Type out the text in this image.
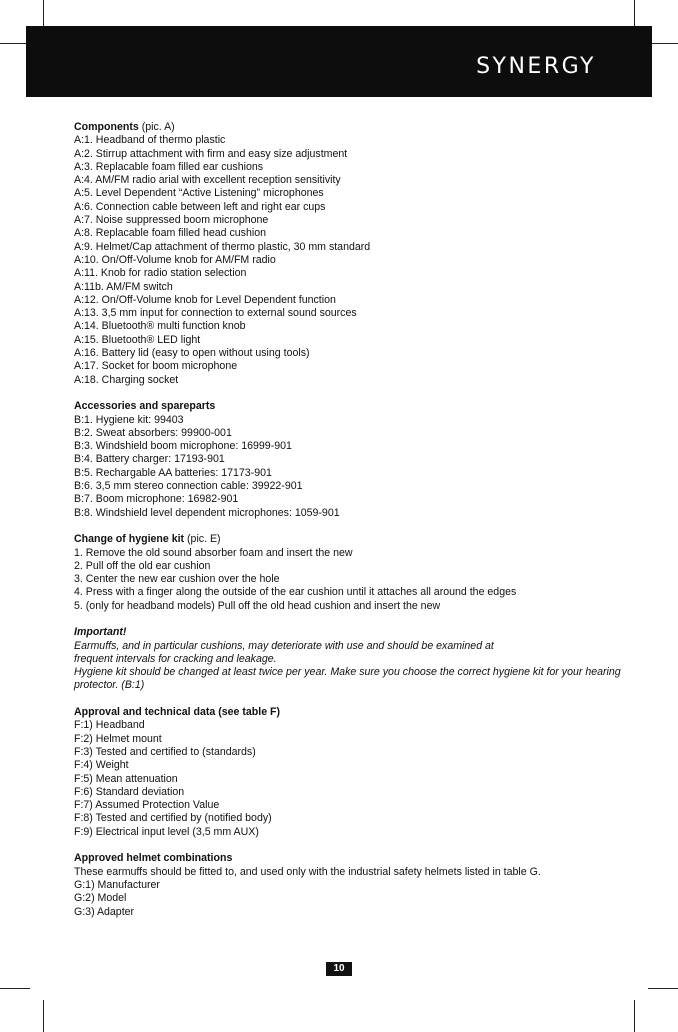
SYNERGY
Components (pic. A)
A:1. Headband of thermo plastic
A:2. Stirrup attachment with firm and easy size adjustment
A:3. Replacable foam filled ear cushions
A:4. AM/FM radio arial with excellent reception sensitivity
A:5. Level Dependent “Active Listening” microphones
A:6. Connection cable between left and right ear cups
A:7. Noise suppressed boom microphone
A:8. Replacable foam filled head cushion
A:9. Helmet/Cap attachment of thermo plastic, 30 mm standard
A:10. On/Off-Volume knob for AM/FM radio
A:11. Knob for radio station selection
A:11b. AM/FM switch
A:12. On/Off-Volume knob for Level Dependent function
A:13. 3,5 mm input for connection to external sound sources
A:14. Bluetooth® multi function knob
A:15. Bluetooth® LED light
A:16. Battery lid (easy to open without using tools)
A:17. Socket for boom microphone
A:18. Charging socket
Accessories and spareparts
B:1. Hygiene kit: 99403
B:2. Sweat absorbers: 99900-001
B:3. Windshield boom microphone: 16999-901
B:4. Battery charger: 17193-901
B:5. Rechargable AA batteries: 17173-901
B:6. 3,5 mm stereo connection cable: 39922-901
B:7. Boom microphone: 16982-901
B:8. Windshield level dependent microphones: 1059-901
Change of hygiene kit (pic. E)
1. Remove the old sound absorber foam and insert the new
2. Pull off the old ear cushion
3. Center the new ear cushion over the hole
4. Press with a finger along the outside of the ear cushion until it attaches all around the edges
5. (only for headband models) Pull off the old head cushion and insert the new
Important!
Earmuffs, and in particular cushions, may deteriorate with use and should be examined at
frequent intervals for cracking and leakage.
Hygiene kit should be changed at least twice per year. Make sure you choose the correct hygiene kit for your hearing protector. (B:1)
Approval and technical data (see table F)
F:1) Headband
F:2) Helmet mount
F:3) Tested and certified to (standards)
F:4) Weight
F:5) Mean attenuation
F:6) Standard deviation
F:7) Assumed Protection Value
F:8) Tested and certified by (notified body)
F:9) Electrical input level (3,5 mm AUX)
Approved helmet combinations
These earmuffs should be fitted to, and used only with the industrial safety helmets listed in table G.
G:1) Manufacturer
G:2) Model
G:3) Adapter
10
